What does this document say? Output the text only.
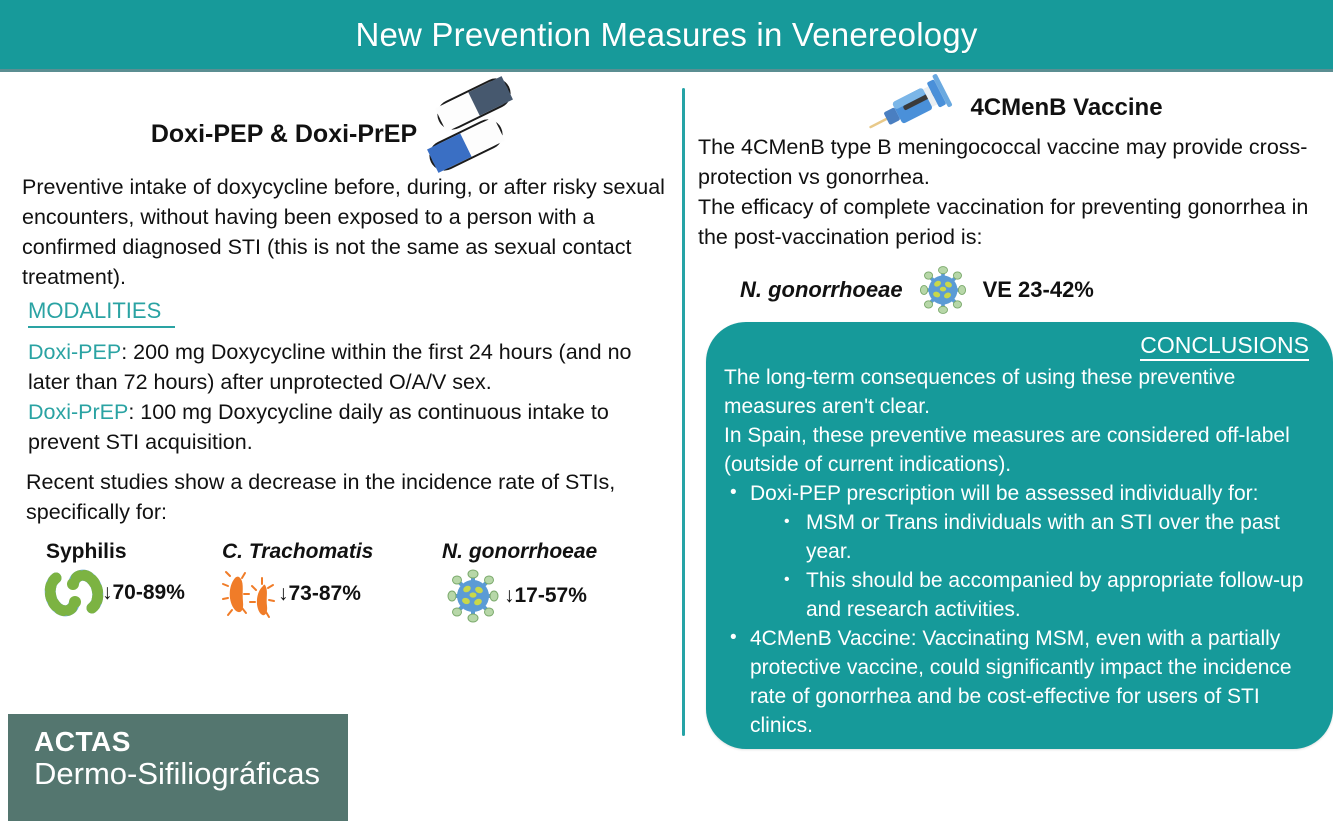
New Prevention Measures in Venereology
Doxi-PEP & Doxi-PrEP
Preventive intake of doxycycline before, during, or after risky sexual encounters, without having been exposed to a person with a confirmed diagnosed STI (this is not the same as sexual contact treatment).
MODALITIES
Doxi-PEP: 200 mg Doxycycline within the first 24 hours (and no later than 72 hours) after unprotected O/A/V sex.
Doxi-PrEP: 100 mg Doxycycline daily as continuous intake to prevent STI acquisition.
Recent studies show a decrease in the incidence rate of STIs, specifically for:
Syphilis
↓70-89%
C. Trachomatis
↓73-87%
N. gonorrhoeae
↓17-57%
ACTAS
Dermo-Sifiliográficas
4CMenB Vaccine
The 4CMenB type B meningococcal vaccine may provide cross-protection vs gonorrhea.
The efficacy of complete vaccination for preventing gonorrhea in the post-vaccination period is:
N. gonorrhoeae	VE 23-42%
CONCLUSIONS
The long-term consequences of using these preventive measures aren't clear.
In Spain, these preventive measures are considered off-label (outside of current indications).
• Doxi-PEP prescription will be assessed individually for:
• MSM or Trans individuals with an STI over the past year.
• This should be accompanied by appropriate follow-up and research activities.
• 4CMenB Vaccine: Vaccinating MSM, even with a partially protective vaccine, could significantly impact the incidence rate of gonorrhea and be cost-effective for users of STI clinics.
